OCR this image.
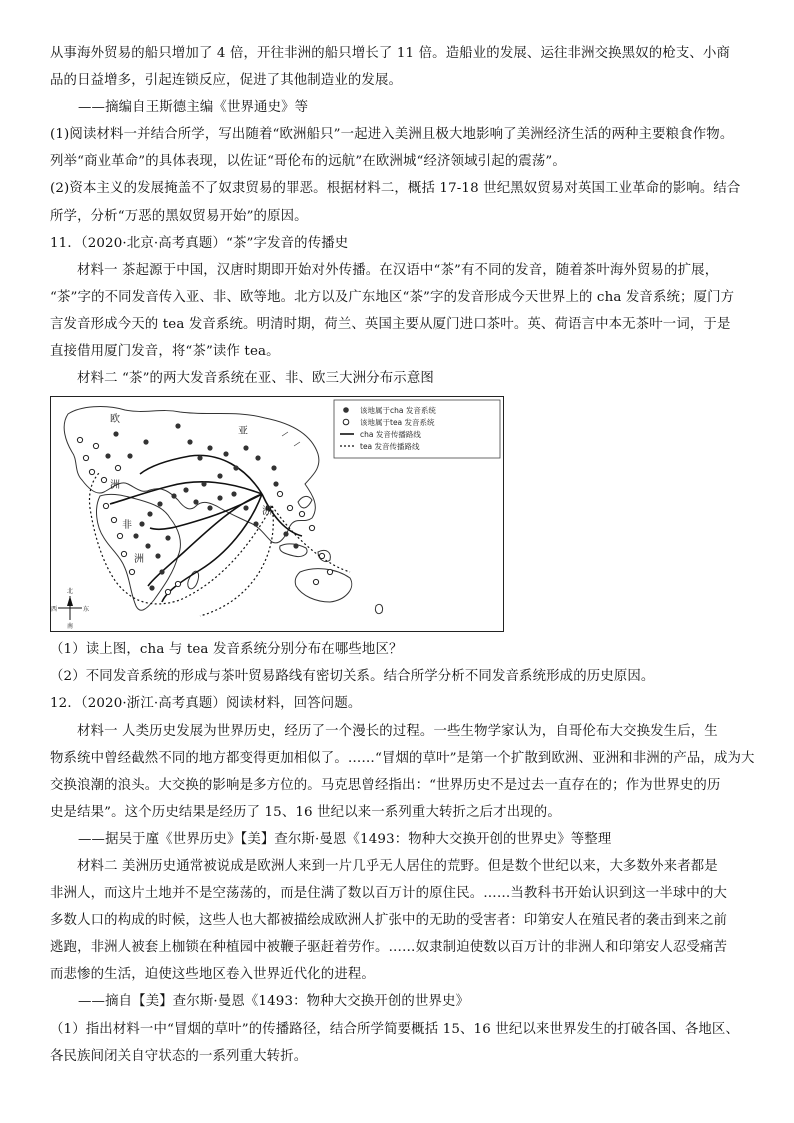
从事海外贸易的船只增加了 4 倍，开往非洲的船只增长了 11 倍。造船业的发展、运往非洲交换黑奴的枪支、小商
品的日益增多，引起连锁反应，促进了其他制造业的发展。
——摘编自王斯德主编《世界通史》等
(1)阅读材料一并结合所学，写出随着“欧洲船只”一起进入美洲且极大地影响了美洲经济生活的两种主要粮食作物。
列举“商业革命”的具体表现，以佐证“哥伦布的远航”在欧洲城“经济领域引起的震荡”。
(2)资本主义的发展掩盖不了奴隶贸易的罪恶。根据材料二，概括 17-18 世纪黑奴贸易对英国工业革命的影响。结合
所学，分析“万恶的黑奴贸易开始”的原因。
11．（2020·北京·高考真题）“茶”字发音的传播史
材料一 茶起源于中国，汉唐时期即开始对外传播。在汉语中“茶”有不同的发音，随着茶叶海外贸易的扩展，
“茶”字的不同发音传入亚、非、欧等地。北方以及广东地区“茶”字的发音形成今天世界上的 cha 发音系统；厦门方
言发音形成今天的 tea 发音系统。明清时期，荷兰、英国主要从厦门进口茶叶。英、荷语言中本无茶叶一词，于是
直接借用厦门发音，将“茶”读作 tea。
材料二 “茶”的两大发音系统在亚、非、欧三大洲分布示意图
欧
洲
亚
洲
非
洲
该地属于cha 发音系统
该地属于tea 发音系统
cha 发音传播路线
tea 发音传播路线
北
南
西	东
（1）读上图，cha 与 tea 发音系统分别分布在哪些地区？
（2）不同发音系统的形成与茶叶贸易路线有密切关系。结合所学分析不同发音系统形成的历史原因。
12．（2020·浙江·高考真题）阅读材料，回答问题。
材料一 人类历史发展为世界历史，经历了一个漫长的过程。一些生物学家认为，自哥伦布大交换发生后，生
物系统中曾经截然不同的地方都变得更加相似了。……“冒烟的草叶”是第一个扩散到欧洲、亚洲和非洲的产品，成为大
交换浪潮的浪头。大交换的影响是多方位的。马克思曾经指出：“世界历史不是过去一直存在的；作为世界史的历
史是结果”。这个历史结果是经历了 15、16 世纪以来一系列重大转折之后才出现的。
——据吴于廑《世界历史》【美】查尔斯·曼恩《1493：物种大交换开创的世界史》等整理
材料二 美洲历史通常被说成是欧洲人来到一片几乎无人居住的荒野。但是数个世纪以来，大多数外来者都是
非洲人，而这片土地并不是空荡荡的，而是住满了数以百万计的原住民。……当教科书开始认识到这一半球中的大
多数人口的构成的时候，这些人也大都被描绘成欧洲人扩张中的无助的受害者：印第安人在殖民者的袭击到来之前
逃跑，非洲人被套上枷锁在种植园中被鞭子驱赶着劳作。……奴隶制迫使数以百万计的非洲人和印第安人忍受痛苦
而悲惨的生活，迫使这些地区卷入世界近代化的进程。
——摘自【美】查尔斯·曼恩《1493：物种大交换开创的世界史》
（1）指出材料一中“冒烟的草叶”的传播路径，结合所学简要概括 15、16 世纪以来世界发生的打破各国、各地区、
各民族间闭关自守状态的一系列重大转折。
